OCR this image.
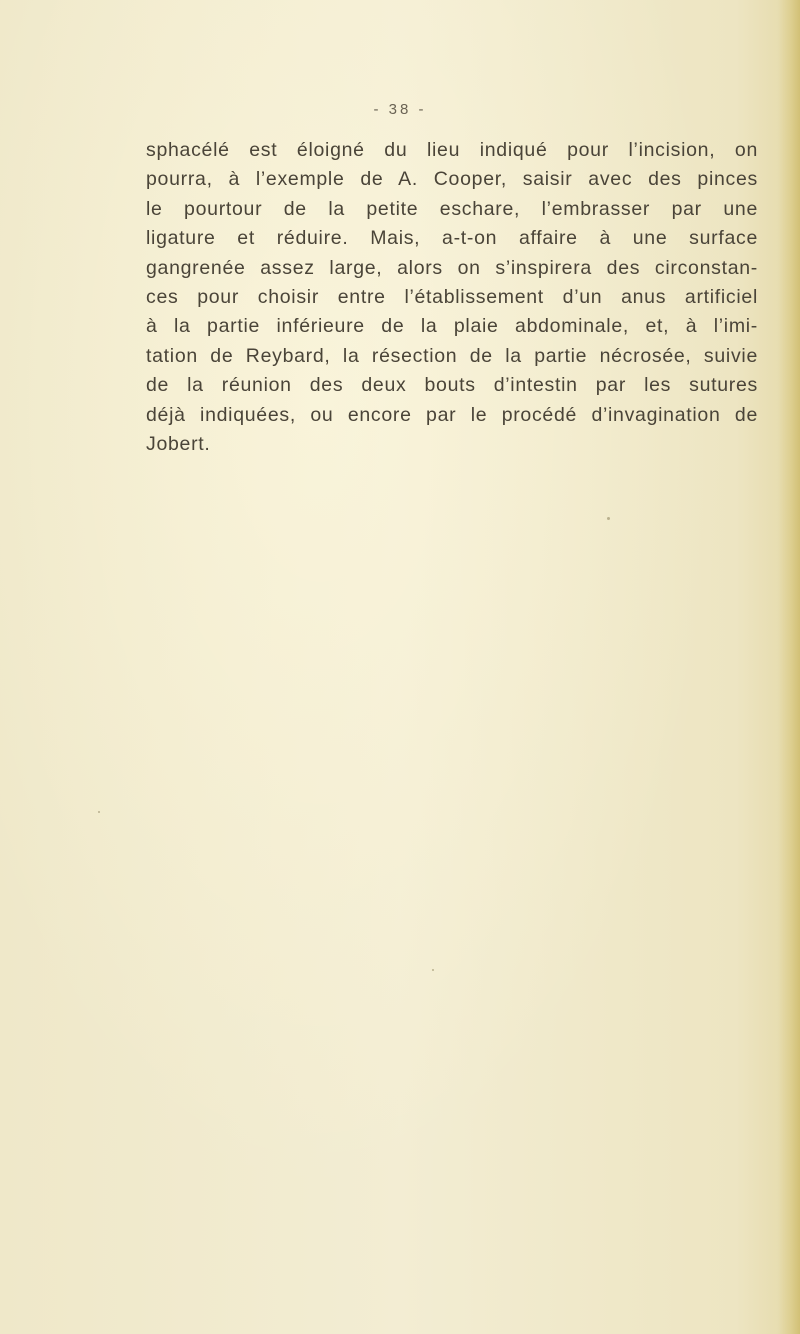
- 38 -

sphacélé est éloigné du lieu indiqué pour l’incision, on
pourra, à l’exemple de A. Cooper, saisir avec des pinces
le pourtour de la petite eschare, l’embrasser par une
ligature et réduire. Mais, a-t-on affaire à une surface
gangrenée assez large, alors on s’inspirera des circonstan-
ces pour choisir entre l’établissement d’un anus artificiel
à la partie inférieure de la plaie abdominale, et, à l’imi-
tation de Reybard, la résection de la partie nécrosée, suivie
de la réunion des deux bouts d’intestin par les sutures
déjà indiquées, ou encore par le procédé d’invagination de
Jobert.
